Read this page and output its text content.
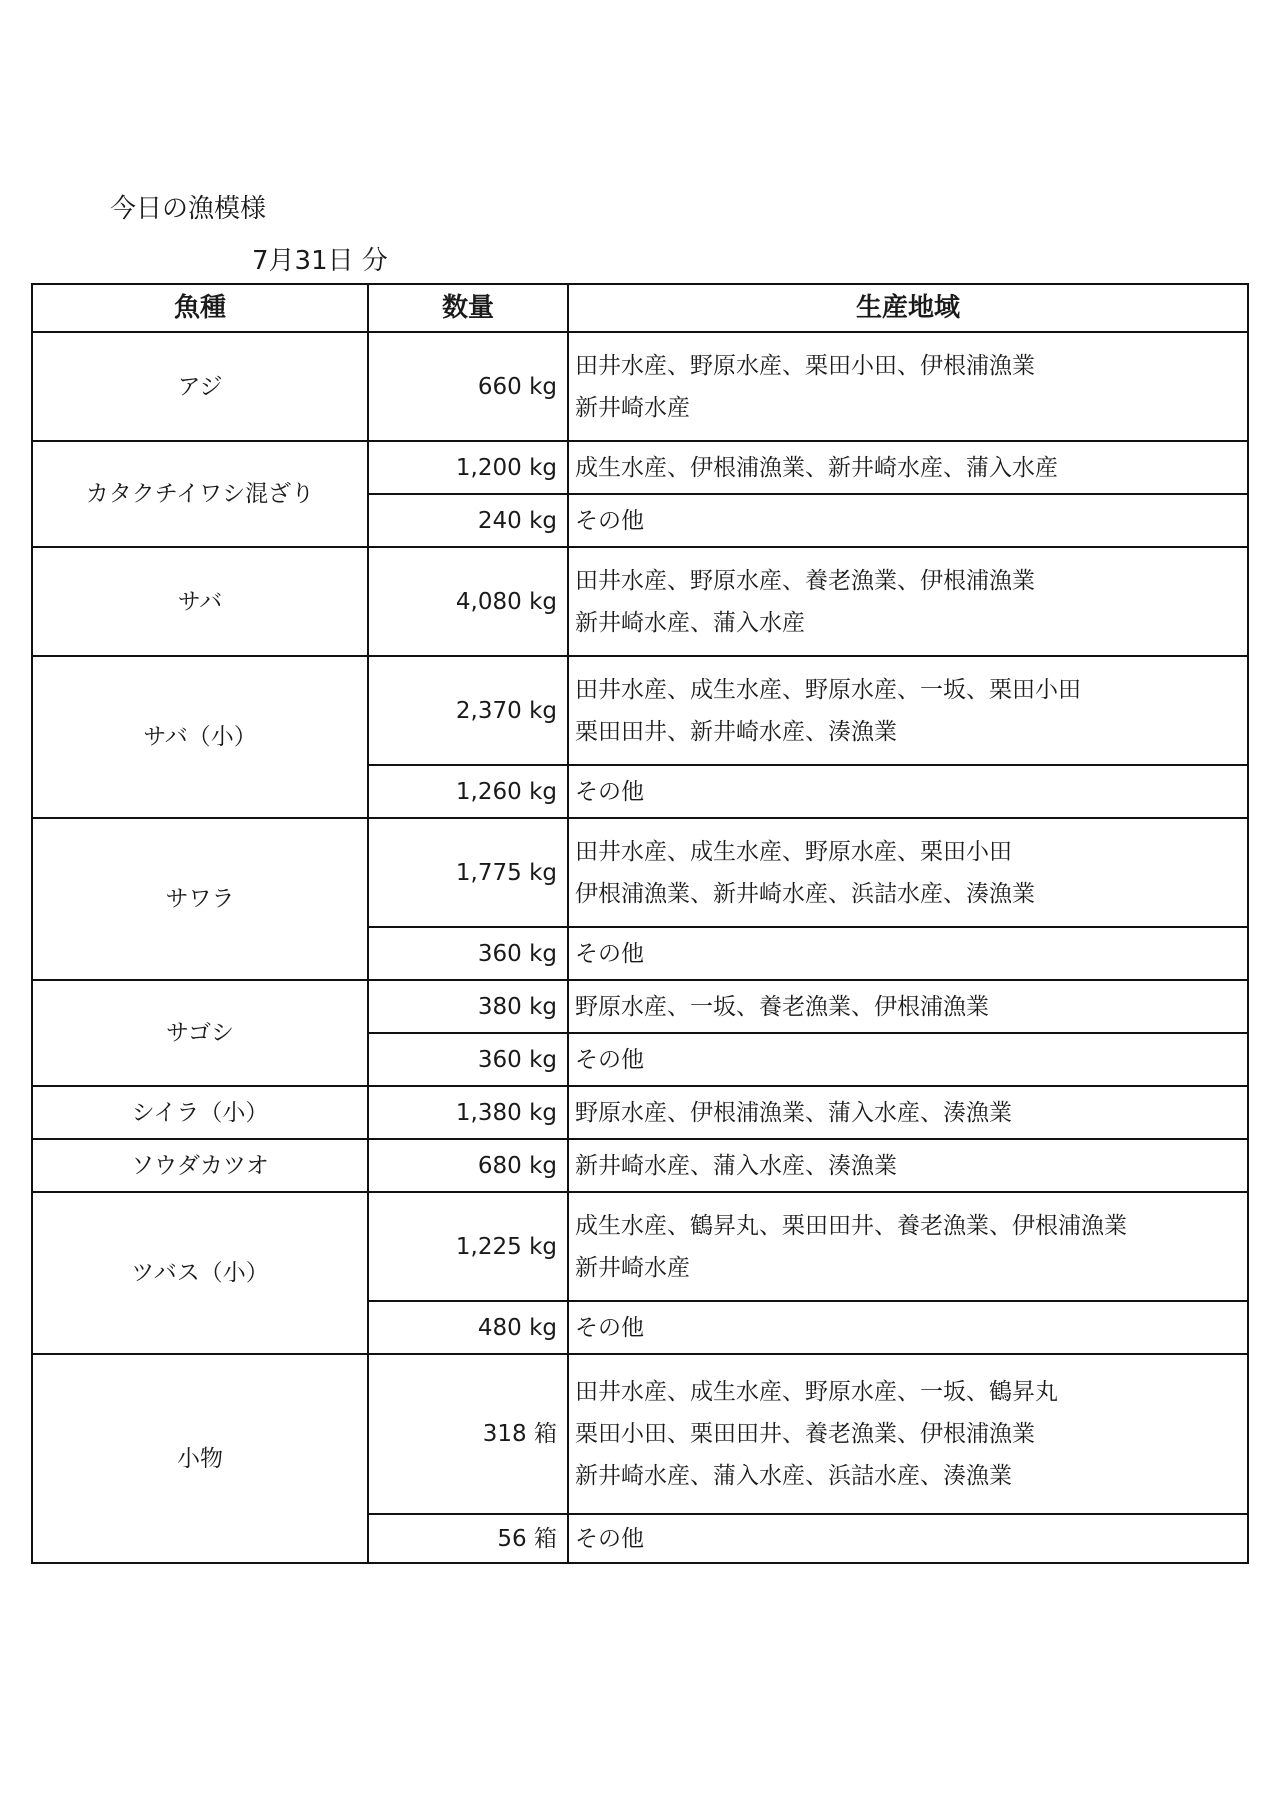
今日の漁模様
7月31日 分
魚種	数量	生産地域
アジ	660 kg	田井水産、野原水産、栗田小田、伊根浦漁業
新井崎水産

カタクチイワシ混ざり	1,200 kg	成生水産、伊根浦漁業、新井崎水産、蒲入水産

	240 kg	その他

サバ	4,080 kg	田井水産、野原水産、養老漁業、伊根浦漁業
新井崎水産、蒲入水産

サバ（小）	2,370 kg	田井水産、成生水産、野原水産、一坂、栗田小田
栗田田井、新井崎水産、湊漁業

	1,260 kg	その他

サワラ	1,775 kg	田井水産、成生水産、野原水産、栗田小田
伊根浦漁業、新井崎水産、浜詰水産、湊漁業

	360 kg	その他

サゴシ	380 kg	野原水産、一坂、養老漁業、伊根浦漁業

	360 kg	その他

シイラ（小）	1,380 kg	野原水産、伊根浦漁業、蒲入水産、湊漁業

ソウダカツオ	680 kg	新井崎水産、蒲入水産、湊漁業

ツバス（小）	1,225 kg	成生水産、鶴昇丸、栗田田井、養老漁業、伊根浦漁業
新井崎水産

	480 kg	その他

小物	318 箱	田井水産、成生水産、野原水産、一坂、鶴昇丸
栗田小田、栗田田井、養老漁業、伊根浦漁業
新井崎水産、蒲入水産、浜詰水産、湊漁業

	56 箱	その他
